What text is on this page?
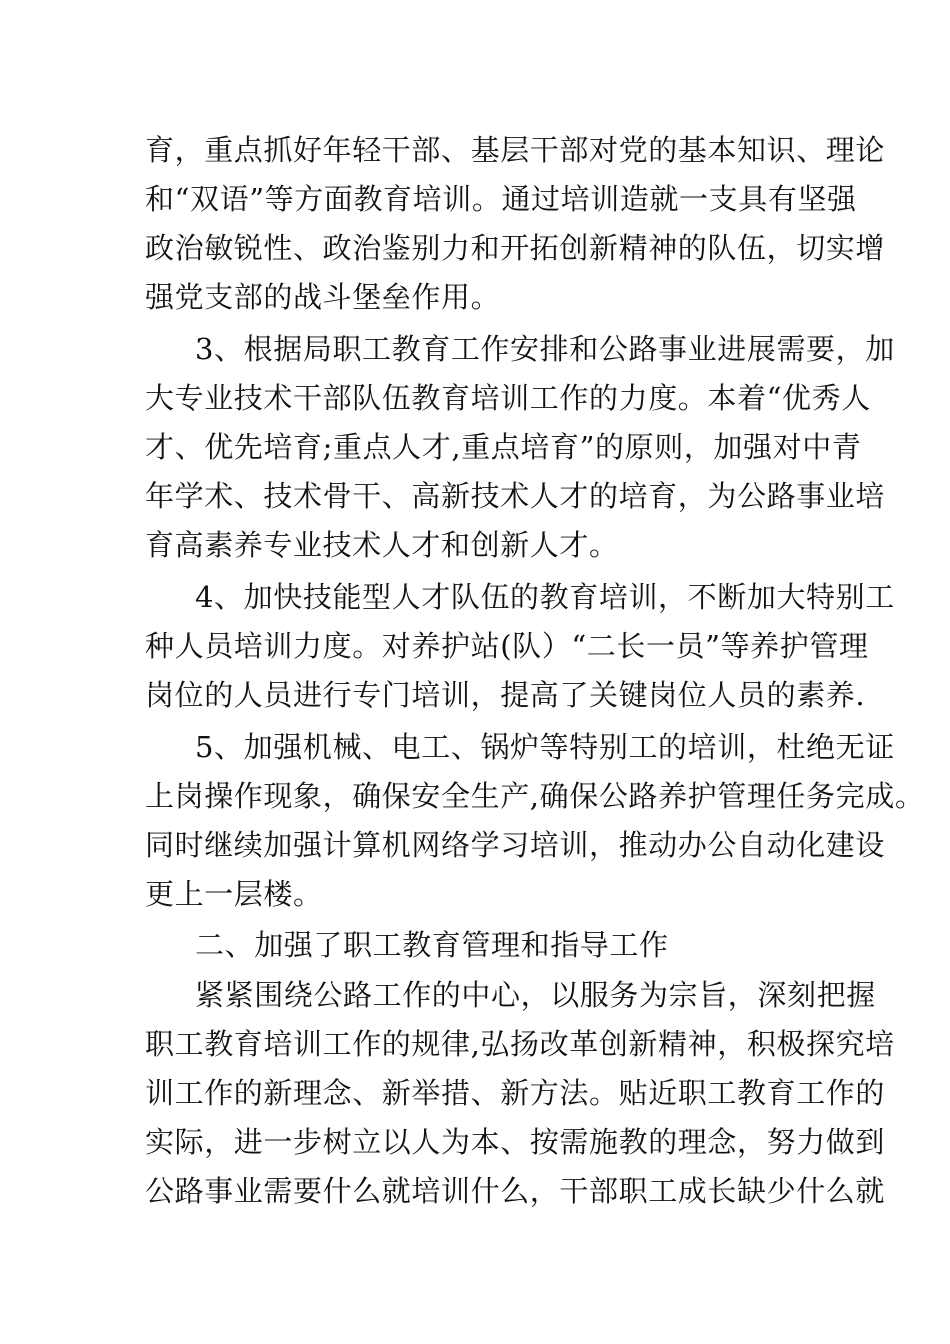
育，重点抓好年轻干部、基层干部对党的基本知识、理论
和“双语”等方面教育培训。通过培训造就一支具有坚强
政治敏锐性、政治鉴别力和开拓创新精神的队伍，切实增
强党支部的战斗堡垒作用。
3、根据局职工教育工作安排和公路事业进展需要，加
大专业技术干部队伍教育培训工作的力度。本着“优秀人
才、优先培育;重点人才,重点培育”的原则，加强对中青
年学术、技术骨干、高新技术人才的培育，为公路事业培
育高素养专业技术人才和创新人才。
4、加快技能型人才队伍的教育培训，不断加大特别工
种人员培训力度。对养护站(队）“二长一员”等养护管理
岗位的人员进行专门培训，提高了关键岗位人员的素养.
5、加强机械、电工、锅炉等特别工的培训，杜绝无证
上岗操作现象，确保安全生产,确保公路养护管理任务完成。
同时继续加强计算机网络学习培训，推动办公自动化建设
更上一层楼。
二、加强了职工教育管理和指导工作
紧紧围绕公路工作的中心，以服务为宗旨，深刻把握
职工教育培训工作的规律,弘扬改革创新精神，积极探究培
训工作的新理念、新举措、新方法。贴近职工教育工作的
实际，进一步树立以人为本、按需施教的理念，努力做到
公路事业需要什么就培训什么，干部职工成长缺少什么就
